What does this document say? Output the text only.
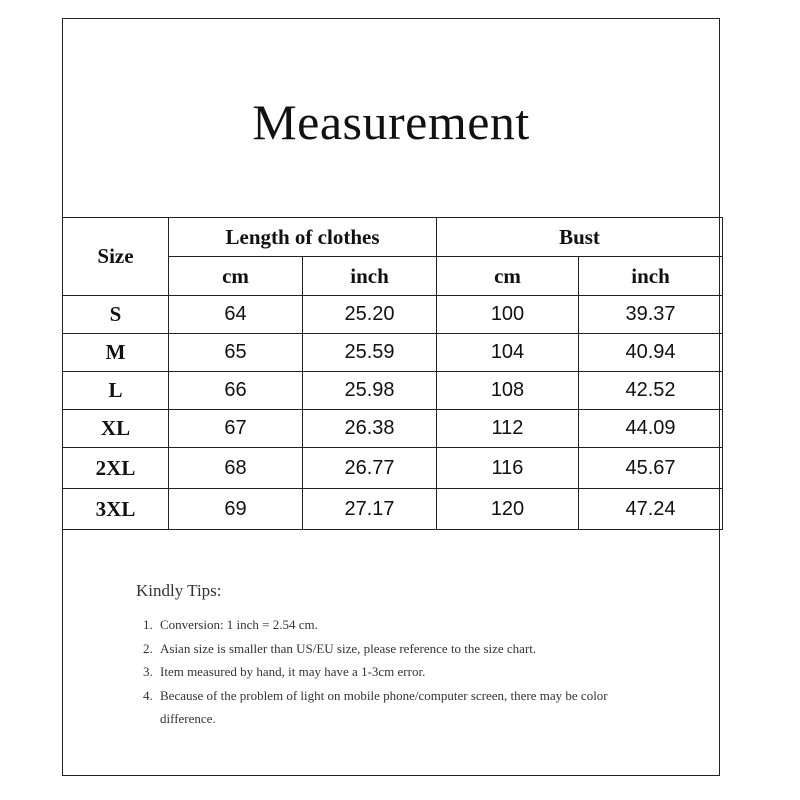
Measurement
Size	Length of clothes		Bust	
	cm	inch	cm	inch
S	64	25.20	100	39.37
M	65	25.59	104	40.94
L	66	25.98	108	42.52
XL	67	26.38	112	44.09
2XL	68	26.77	116	45.67
3XL	69	27.17	120	47.24
Kindly Tips:
1. Conversion: 1 inch = 2.54 cm.
2. Asian size is smaller than US/EU size, please reference to the size chart.
3. Item measured by hand, it may have a 1-3cm error.
4. Because of the problem of light on mobile phone/computer screen, there may be color difference.
